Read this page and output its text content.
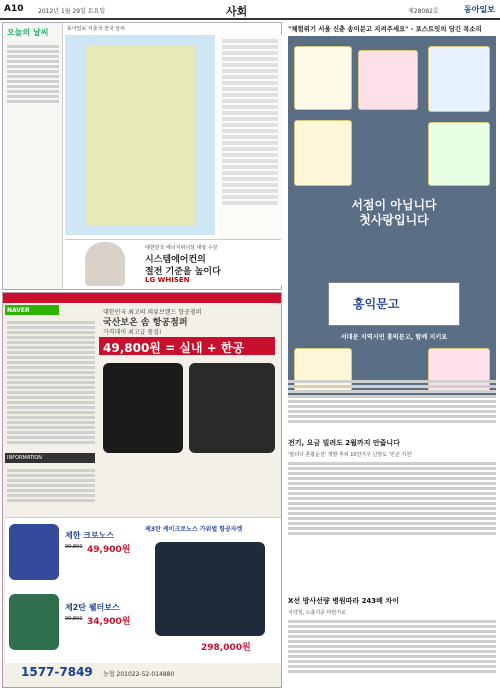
A10 2012년 1월 29일 토요일	사회	제28082호	동아일보
오늘의 날씨	동아일보 서울국 전국 날씨
대한민국 에너지위너상 대상 수상
시스템에어컨의
절전 기준을 높이다
LG WHISEN
NAVER	대한민국 최고의 의류브랜드 항공점퍼
국산보온 솜 항공점퍼
가격대비 최고급 품질!
49,800원 = 실내 + 한공
INFORMATION
제한 크로노스
99,800 49,900원
제2탄 웰터보스
99,800 34,900원
제3탄 케이크로노스 가위벌 항공자켓
298,000원
1577-7849 농협 201022-52-014880
"체험위기 서울 신춘 송이문고 지켜주세요" - 포스트잇의 담긴 목소리
서점이 아닙니다
첫사랑입니다
홍익문고
서대문 지역시민 홍익문고, 함께 지키요
전기, 요금 빌려도 2월까지 안줍니다
'필더너 혼합운전' 개발 추위 10만가구 난방도 '빈곤 지원'
X선 방사선량 병원따라 243배 차이
식약청, 노출기준 마련키로
